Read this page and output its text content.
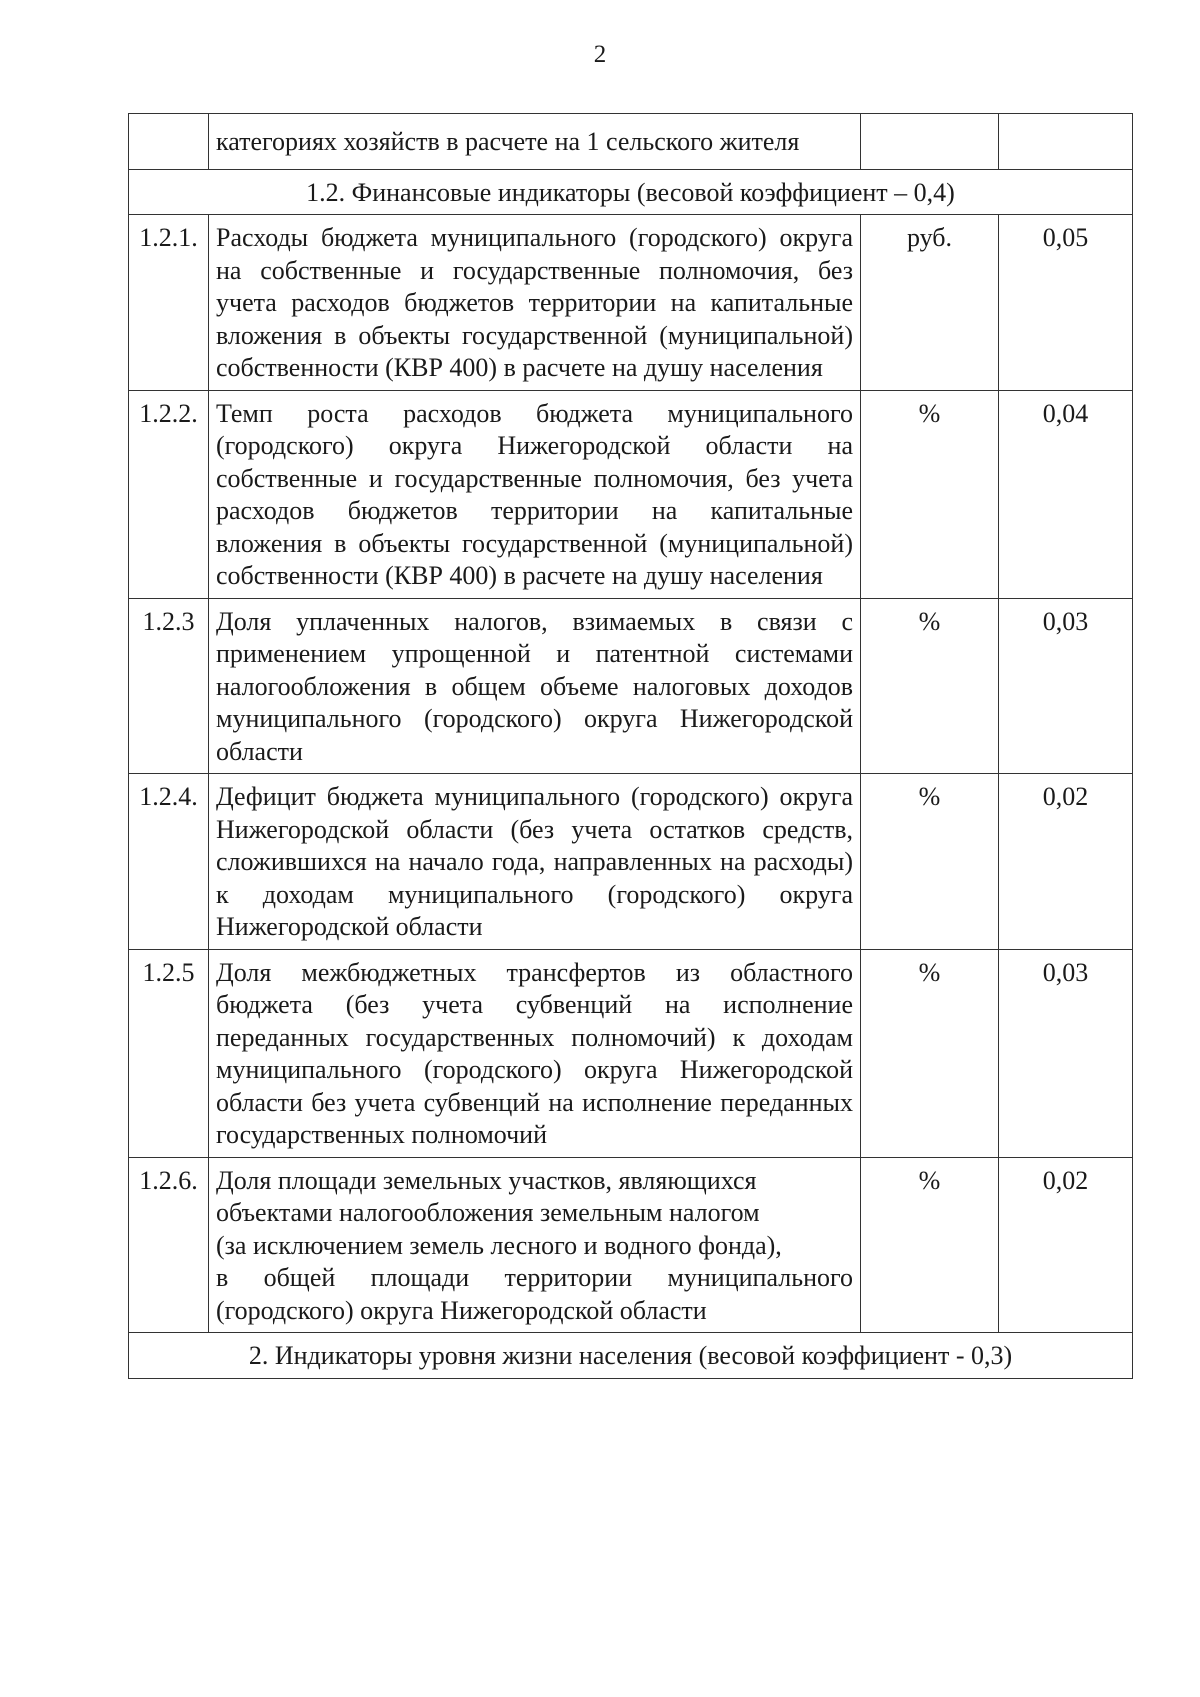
2
	категориях хозяйств в расчете на 1 сельского жителя		
1.2. Финансовые индикаторы (весовой коэффициент – 0,4)			
1.2.1.	Расходы бюджета муниципального (городского) округа на собственные и государственные полномочия, без учета расходов бюджетов территории на капитальные вложения в объекты государственной (муниципальной) собственности (КВР 400) в расчете на душу населения	руб.	0,05
1.2.2.	Темп роста расходов бюджета муниципального (городского) округа Нижегородской области на собственные и государственные полномочия, без учета расходов бюджетов территории на капитальные вложения в объекты государственной (муниципальной) собственности (КВР 400) в расчете на душу населения	%	0,04
1.2.3	Доля уплаченных налогов, взимаемых в связи с применением упрощенной и патентной системами налогообложения в общем объеме налоговых доходов муниципального (городского) округа Нижегородской области	%	0,03
1.2.4.	Дефицит бюджета муниципального (городского) округа Нижегородской области (без учета остатков средств, сложившихся на начало года, направленных на расходы) к доходам муниципального (городского) округа Нижегородской области	%	0,02
1.2.5	Доля межбюджетных трансфертов из областного бюджета (без учета субвенций на исполнение переданных государственных полномочий) к доходам муниципального (городского) округа Нижегородской области без учета субвенций на исполнение переданных государственных полномочий	%	0,03
1.2.6.	Доля площади земельных участков, являющихся
объектами налогообложения земельным налогом
(за исключением земель лесного и водного фонда),
в общей площади территории муниципального (городского) округа Нижегородской области	%	0,02
2. Индикаторы уровня жизни населения (весовой коэффициент - 0,3)			
